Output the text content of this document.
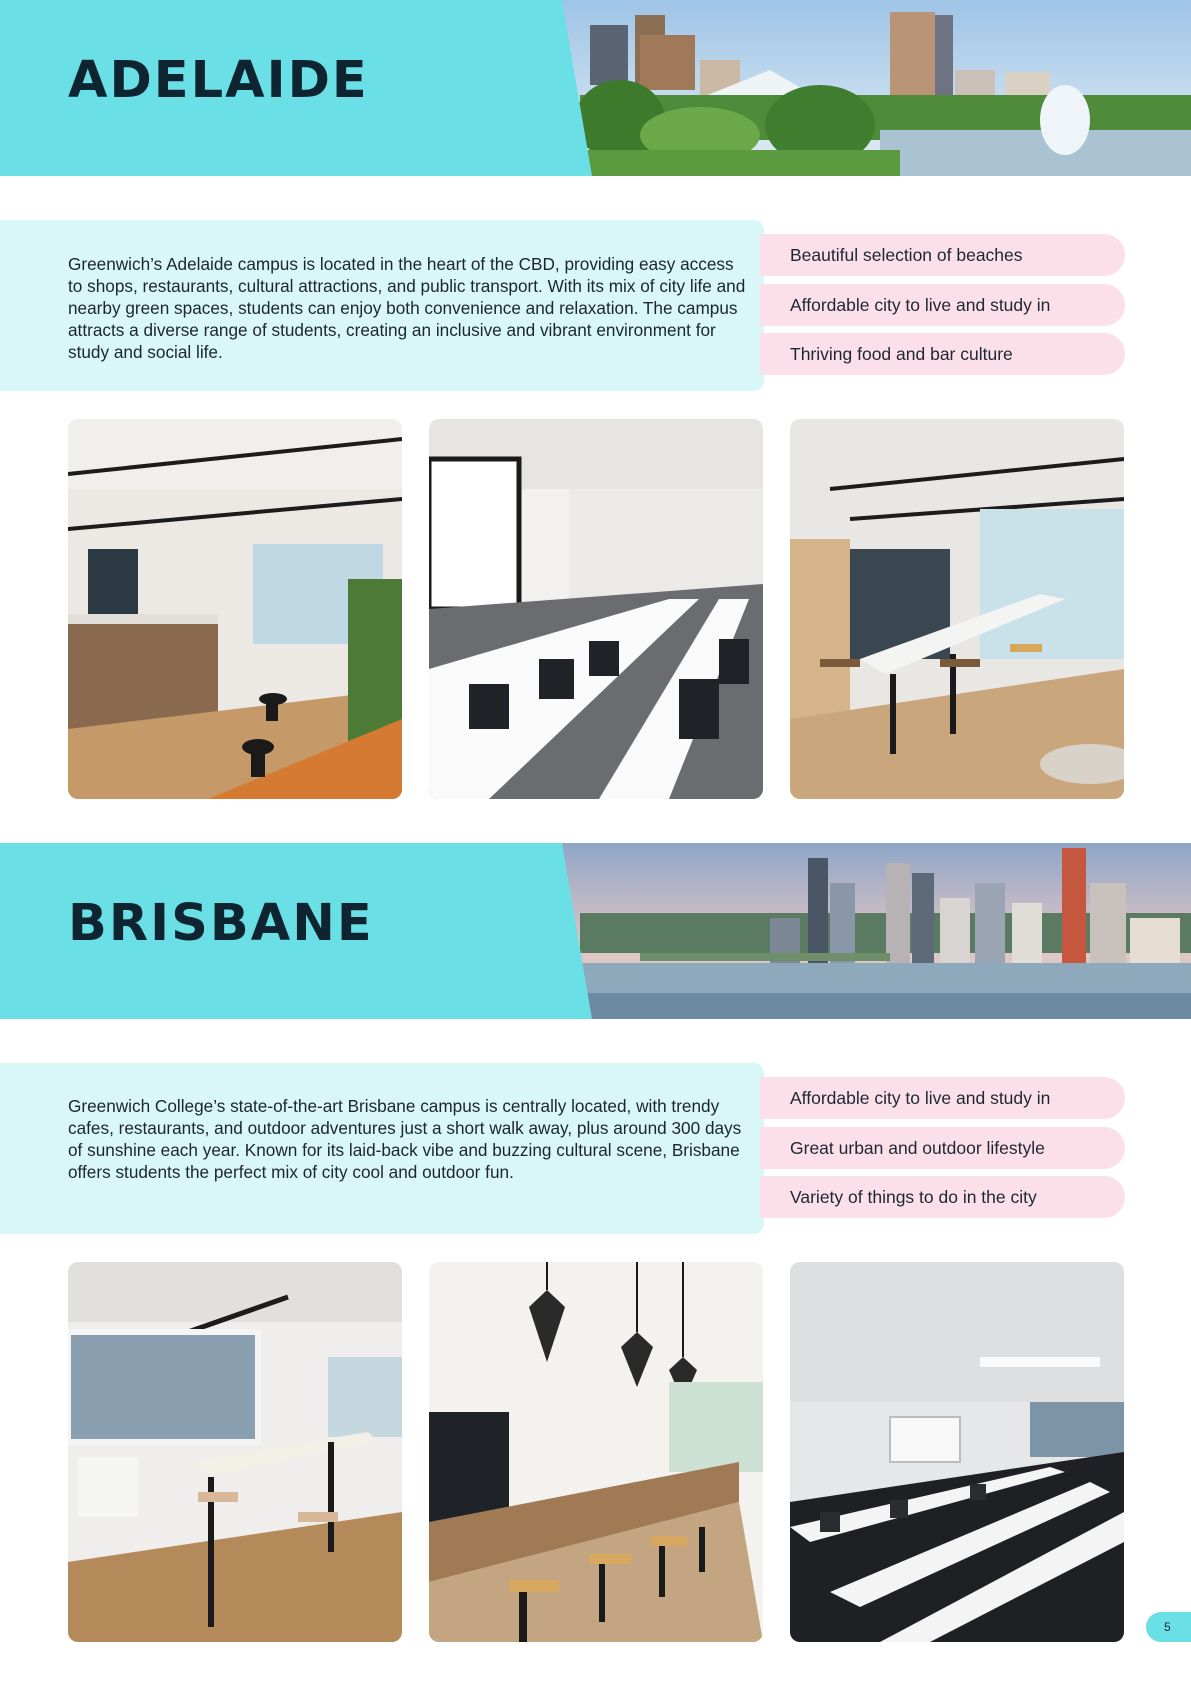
ADELAIDE

Greenwich’s Adelaide campus is located in the heart of the CBD, providing easy access to shops, restaurants, cultural attractions, and public transport. With its mix of city life and nearby green spaces, students can enjoy both convenience and relaxation. The campus attracts a diverse range of students, creating an inclusive and vibrant environment for study and social life.

Beautiful selection of beaches
Affordable city to live and study in
Thriving food and bar culture
BRISBANE

Greenwich College’s state-of-the-art Brisbane campus is centrally located, with trendy cafes, restaurants, and outdoor adventures just a short walk away, plus around 300 days of sunshine each year. Known for its laid-back vibe and buzzing cultural scene, Brisbane offers students the perfect mix of city cool and outdoor fun.

Affordable city to live and study in
Great urban and outdoor lifestyle
Variety of things to do in the city
5
